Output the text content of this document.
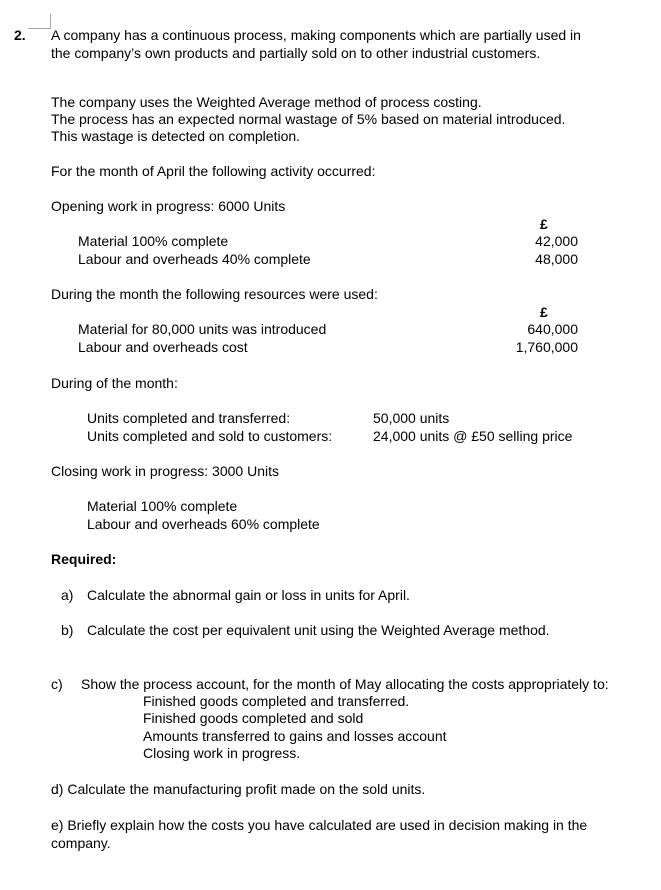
2. A company has a continuous process, making components which are partially used in
the company’s own products and partially sold on to other industrial customers.
The company uses the Weighted Average method of process costing.
The process has an expected normal wastage of 5% based on material introduced.
This wastage is detected on completion.
For the month of April the following activity occurred:
Opening work in progress: 6000 Units
£
Material 100% complete	42,000
Labour and overheads 40% complete	48,000
During the month the following resources were used:
£
Material for 80,000 units was introduced	640,000
Labour and overheads cost	1,760,000
During of the month:
Units completed and transferred:	50,000 units
Units completed and sold to customers:	24,000 units @ £50 selling price
Closing work in progress: 3000 Units
Material 100% complete
Labour and overheads 60% complete
Required:
a) Calculate the abnormal gain or loss in units for April.
b) Calculate the cost per equivalent unit using the Weighted Average method.
c) Show the process account, for the month of May allocating the costs appropriately to:
Finished goods completed and transferred.
Finished goods completed and sold
Amounts transferred to gains and losses account
Closing work in progress.
d) Calculate the manufacturing profit made on the sold units.
e) Briefly explain how the costs you have calculated are used in decision making in the
company.
